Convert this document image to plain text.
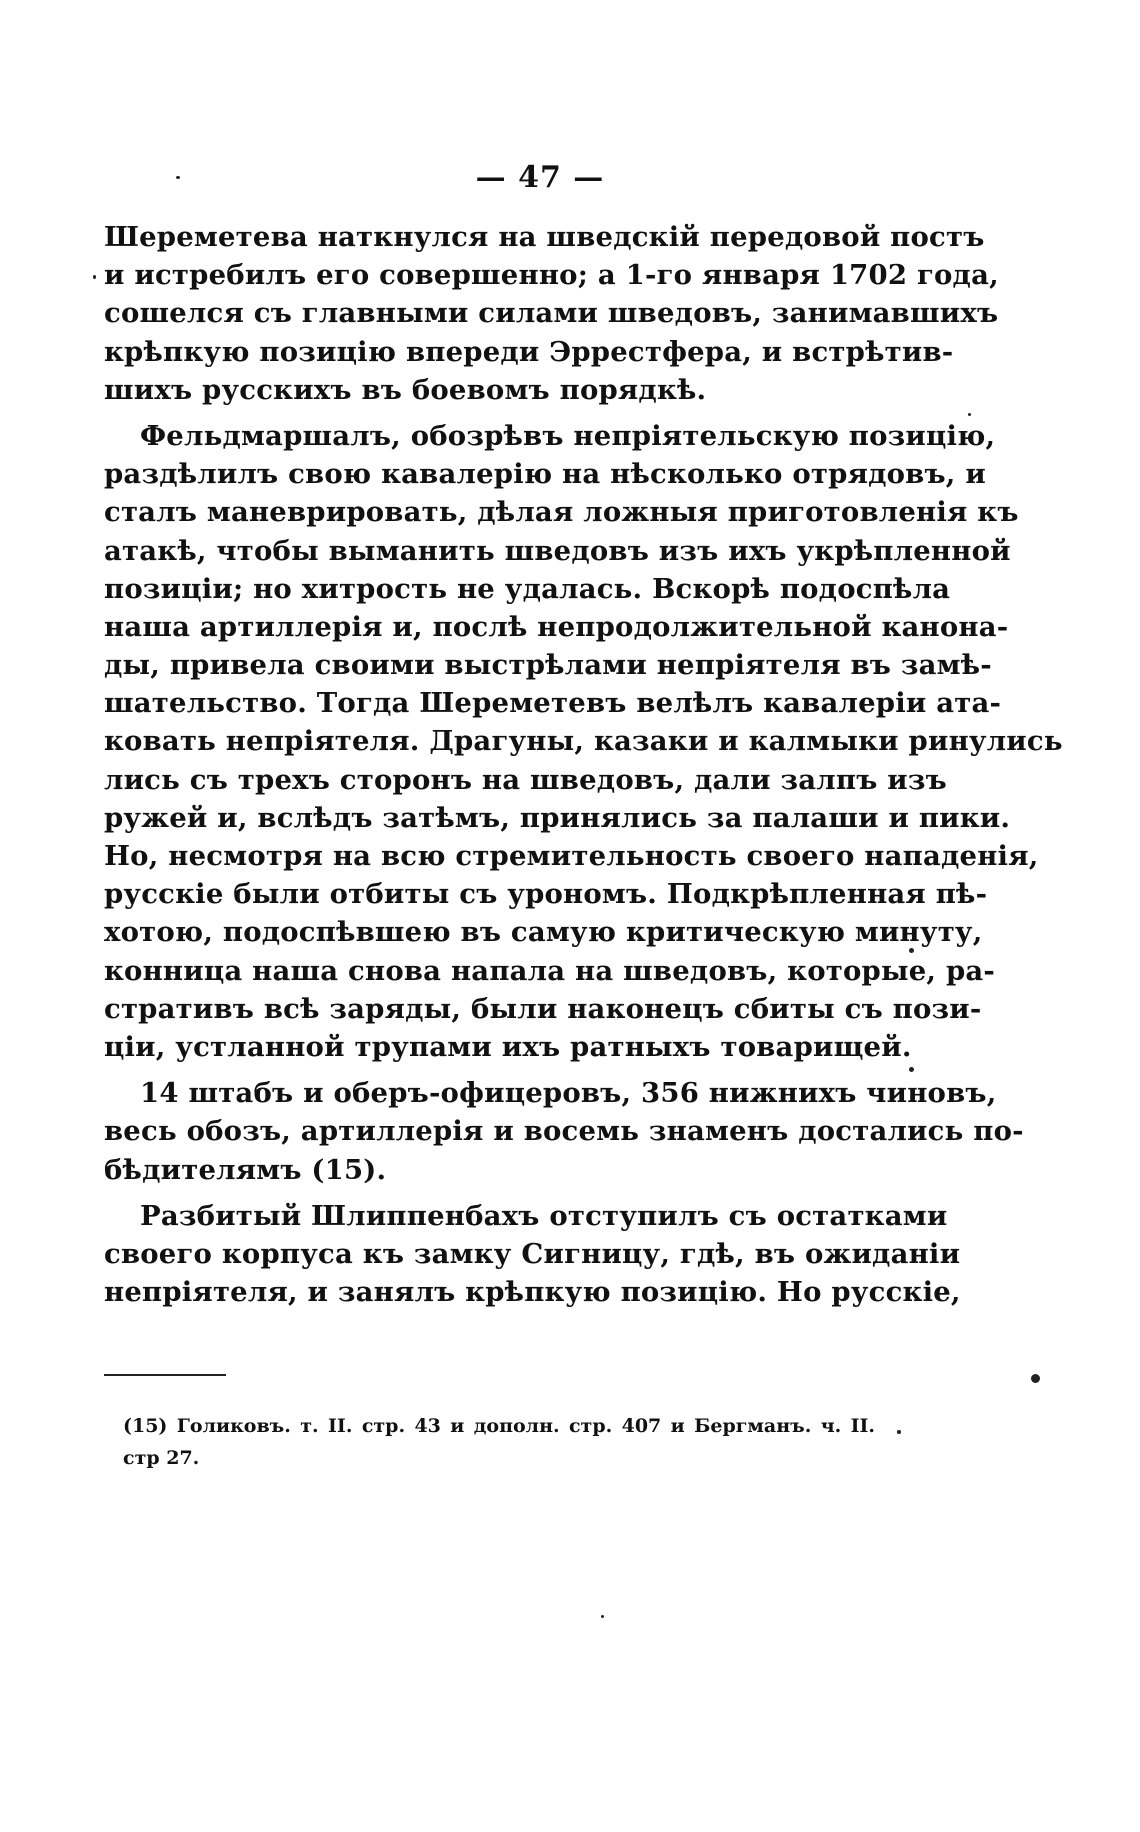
— 47 —
Шереметева наткнулся на шведскій передовой постъ
и истребилъ его совершенно; а 1-го января 1702 года,
сошелся съ главными силами шведовъ, занимавшихъ
крѣпкую позицію впереди Эррестфера, и встрѣтив-
шихъ русскихъ въ боевомъ порядкѣ.
Фельдмаршалъ, обозрѣвъ непріятельскую позицію,
раздѣлилъ свою кавалерію на нѣсколько отрядовъ, и
сталъ маневрировать, дѣлая ложныя приготовленія къ
атакѣ, чтобы выманить шведовъ изъ ихъ укрѣпленной
позиціи; но хитрость не удалась. Вскорѣ подоспѣла
наша артиллерія и, послѣ непродолжительной канона-
ды, привела своими выстрѣлами непріятеля въ замѣ-
шательство. Тогда Шереметевъ велѣлъ кавалеріи ата-
ковать непріятеля. Драгуны, казаки и калмыки ринулись
лись съ трехъ сторонъ на шведовъ, дали залпъ изъ
ружей и, вслѣдъ затѣмъ, принялись за палаши и пики.
Но, несмотря на всю стремительность своего нападенія,
русскіе были отбиты съ урономъ. Подкрѣпленная пѣ-
хотою, подоспѣвшею въ самую критическую минуту,
конница наша снова напала на шведовъ, которые, ра-
стративъ всѣ заряды, были наконецъ сбиты съ пози-
ціи, устланной трупами ихъ ратныхъ товарищей.
14 штабъ и оберъ-офицеровъ, 356 нижнихъ чиновъ,
весь обозъ, артиллерія и восемь знаменъ достались по-
бѣдителямъ (15).
Разбитый Шлиппенбахъ отступилъ съ остатками
своего корпуса къ замку Сигницу, гдѣ, въ ожиданіи
непріятеля, и занялъ крѣпкую позицію. Но русскіе,
(15) Голиковъ. т. II. стр. 43 и дополн. стр. 407 и Бергманъ. ч. II.
стр 27.
